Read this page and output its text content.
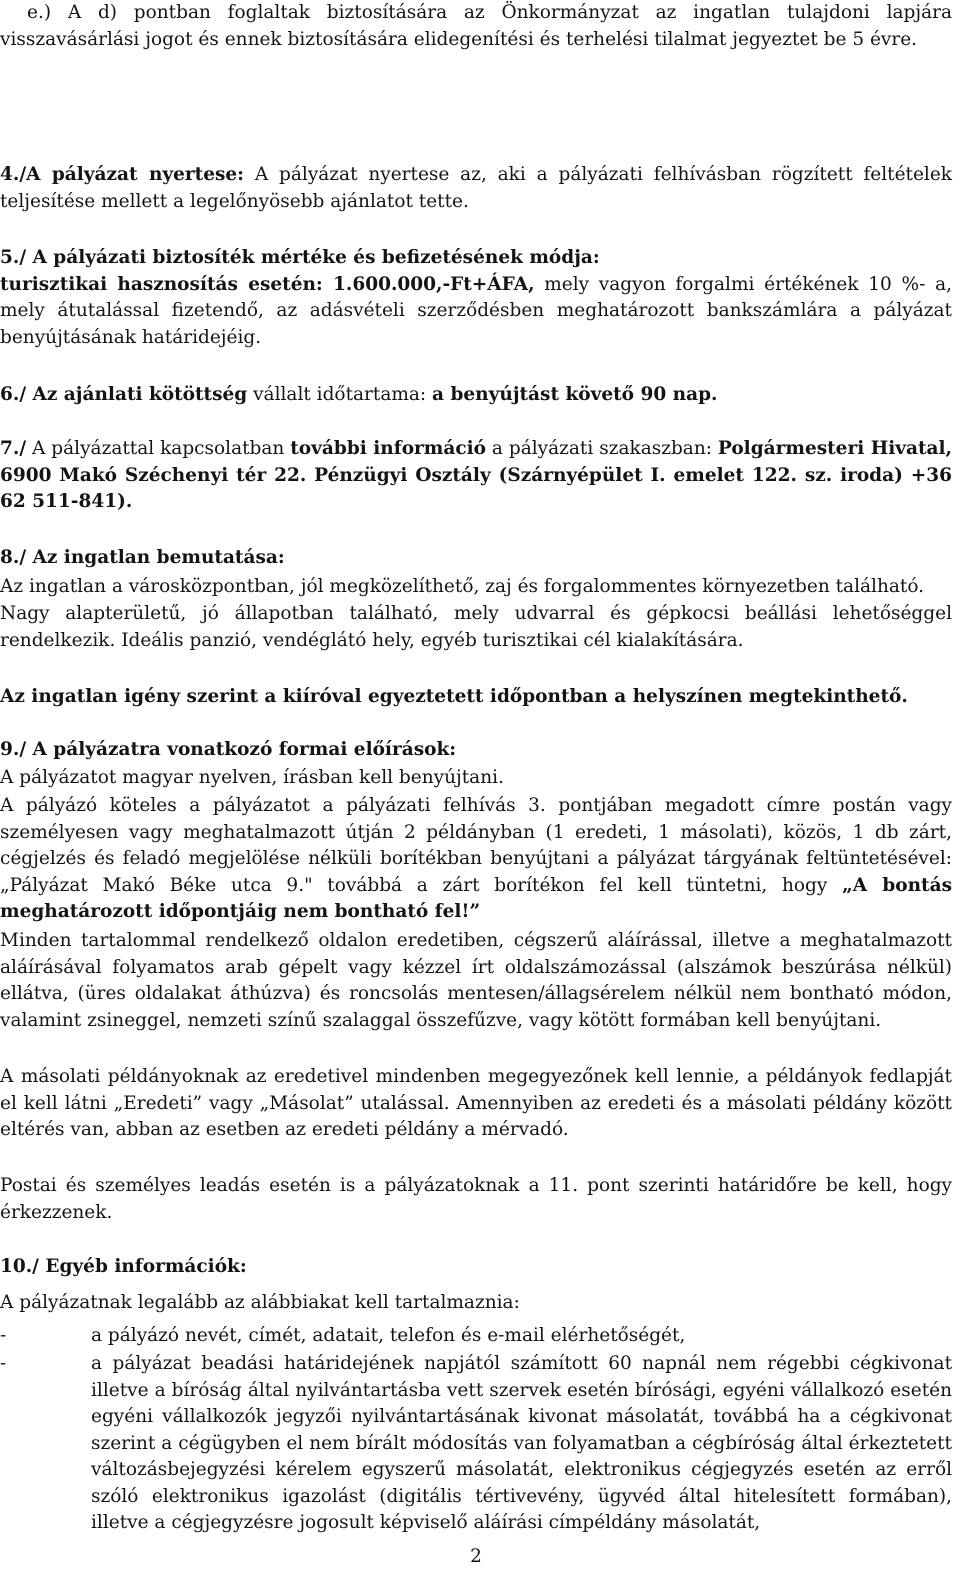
e.) A d) pontban foglaltak biztosítására az Önkormányzat az ingatlan tulajdoni lapjára visszavásárlási jogot és ennek biztosítására elidegenítési és terhelési tilalmat jegyeztet be 5 évre.

4./A pályázat nyertese: A pályázat nyertese az, aki a pályázati felhívásban rögzített feltételek teljesítése mellett a legelőnyösebb ajánlatot tette.

5./ A pályázati biztosíték mértéke és befizetésének módja:
turisztikai hasznosítás esetén: 1.600.000,-Ft+ÁFA, mely vagyon forgalmi értékének 10 %- a, mely átutalással fizetendő, az adásvételi szerződésben meghatározott bankszámlára a pályázat benyújtásának határidejéig.

6./ Az ajánlati kötöttség vállalt időtartama: a benyújtást követő 90 nap.

7./ A pályázattal kapcsolatban további információ a pályázati szakaszban: Polgármesteri Hivatal, 6900 Makó Széchenyi tér 22. Pénzügyi Osztály (Szárnyépület I. emelet 122. sz. iroda) +36 62 511-841).

8./ Az ingatlan bemutatása:

Az ingatlan a városközpontban, jól megközelíthető, zaj és forgalommentes környezetben található.

Nagy alapterületű, jó állapotban található, mely udvarral és gépkocsi beállási lehetőséggel rendelkezik. Ideális panzió, vendéglátó hely, egyéb turisztikai cél kialakítására.

Az ingatlan igény szerint a kiíróval egyeztetett időpontban a helyszínen megtekinthető.

9./ A pályázatra vonatkozó formai előírások:

A pályázatot magyar nyelven, írásban kell benyújtani.

A pályázó köteles a pályázatot a pályázati felhívás 3. pontjában megadott címre postán vagy személyesen vagy meghatalmazott útján 2 példányban (1 eredeti, 1 másolati), közös, 1 db zárt, cégjelzés és feladó megjelölése nélküli borítékban benyújtani a pályázat tárgyának feltüntetésével: „Pályázat Makó Béke utca 9." továbbá a zárt borítékon fel kell tüntetni, hogy „A bontás meghatározott időpontjáig nem bontható fel!”

Minden tartalommal rendelkező oldalon eredetiben, cégszerű aláírással, illetve a meghatalmazott aláírásával folyamatos arab gépelt vagy kézzel írt oldalszámozással (alszámok beszúrása nélkül) ellátva, (üres oldalakat áthúzva) és roncsolás mentesen/állagsérelem nélkül nem bontható módon, valamint zsineggel, nemzeti színű szalaggal összefűzve, vagy kötött formában kell benyújtani.

A másolati példányoknak az eredetivel mindenben megegyezőnek kell lennie, a példányok fedlapját el kell látni „Eredeti” vagy „Másolat” utalással. Amennyiben az eredeti és a másolati példány között eltérés van, abban az esetben az eredeti példány a mérvadó.

Postai és személyes leadás esetén is a pályázatoknak a 11. pont szerinti határidőre be kell, hogy érkezzenek.

10./ Egyéb információk:

A pályázatnak legalább az alábbiakat kell tartalmaznia:

-	a pályázó nevét, címét, adatait, telefon és e-mail elérhetőségét,
-	a pályázat beadási határidejének napjától számított 60 napnál nem régebbi cégkivonat illetve a bíróság által nyilvántartásba vett szervek esetén bírósági, egyéni vállalkozó esetén egyéni vállalkozók jegyzői nyilvántartásának kivonat másolatát, továbbá ha a cégkivonat szerint a cégügyben el nem bírált módosítás van folyamatban a cégbíróság által érkeztetett változásbejegyzési kérelem egyszerű másolatát, elektronikus cégjegyzés esetén az erről szóló elektronikus igazolást (digitális tértivevény, ügyvéd által hitelesített formában), illetve a cégjegyzésre jogosult képviselő aláírási címpéldány másolatát,
2
